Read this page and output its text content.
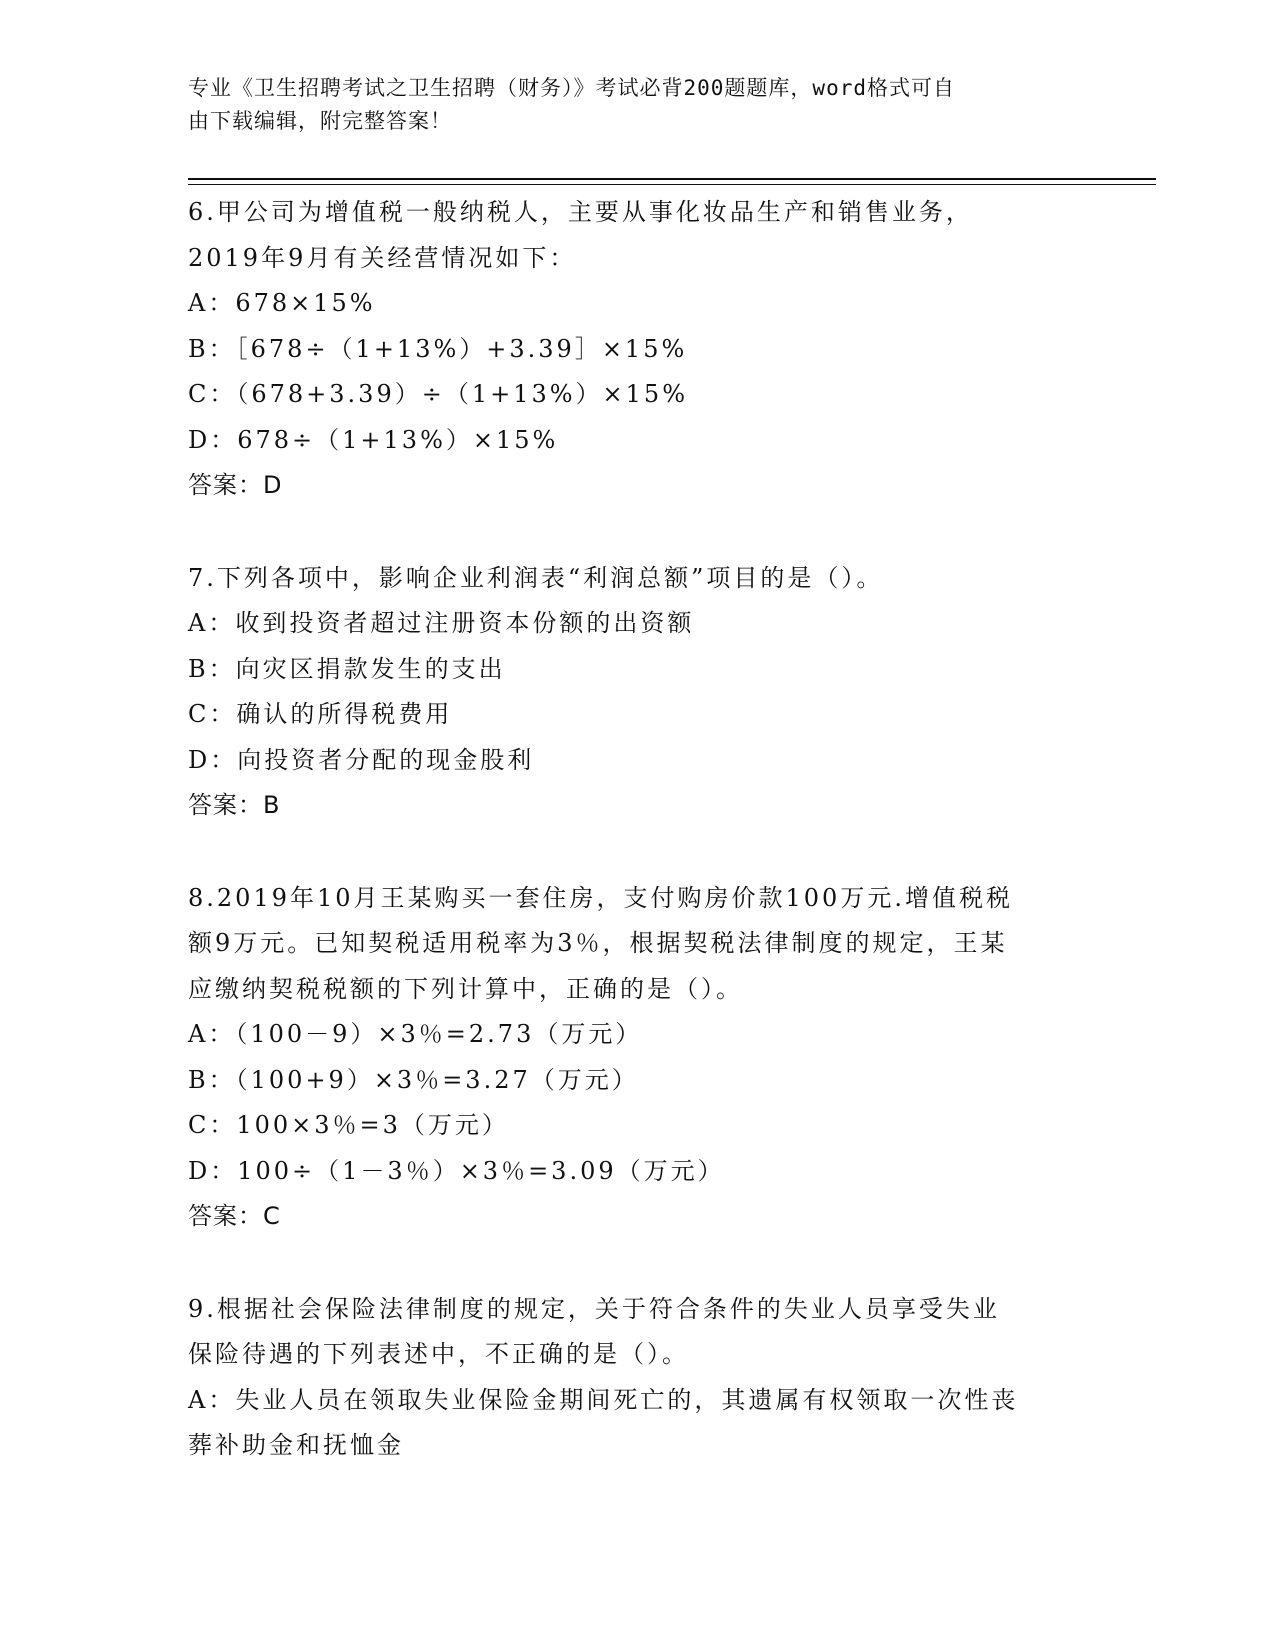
专业《卫生招聘考试之卫生招聘（财务）》考试必背200题题库，word格式可自
由下载编辑，附完整答案！
6.甲公司为增值税一般纳税人，主要从事化妆品生产和销售业务，
2019年9月有关经营情况如下：
A：678×15%
B：［678÷（1+13%）+3.39］×15%
C：（678+3.39）÷（1+13%）×15%
D：678÷（1+13%）×15%
答案：D
7.下列各项中，影响企业利润表“利润总额”项目的是（）。
A：收到投资者超过注册资本份额的出资额
B：向灾区捐款发生的支出
C：确认的所得税费用
D：向投资者分配的现金股利
答案：B
8.2019年10月王某购买一套住房，支付购房价款100万元.增值税税
额9万元。已知契税适用税率为3％，根据契税法律制度的规定，王某
应缴纳契税税额的下列计算中，正确的是（）。
A：（100－9）×3％=2.73（万元）
B：（100+9）×3％=3.27（万元）
C：100×3％=3（万元）
D：100÷（1－3％）×3％=3.09（万元）
答案：C
9.根据社会保险法律制度的规定，关于符合条件的失业人员享受失业
保险待遇的下列表述中，不正确的是（）。
A：失业人员在领取失业保险金期间死亡的，其遗属有权领取一次性丧
葬补助金和抚恤金
